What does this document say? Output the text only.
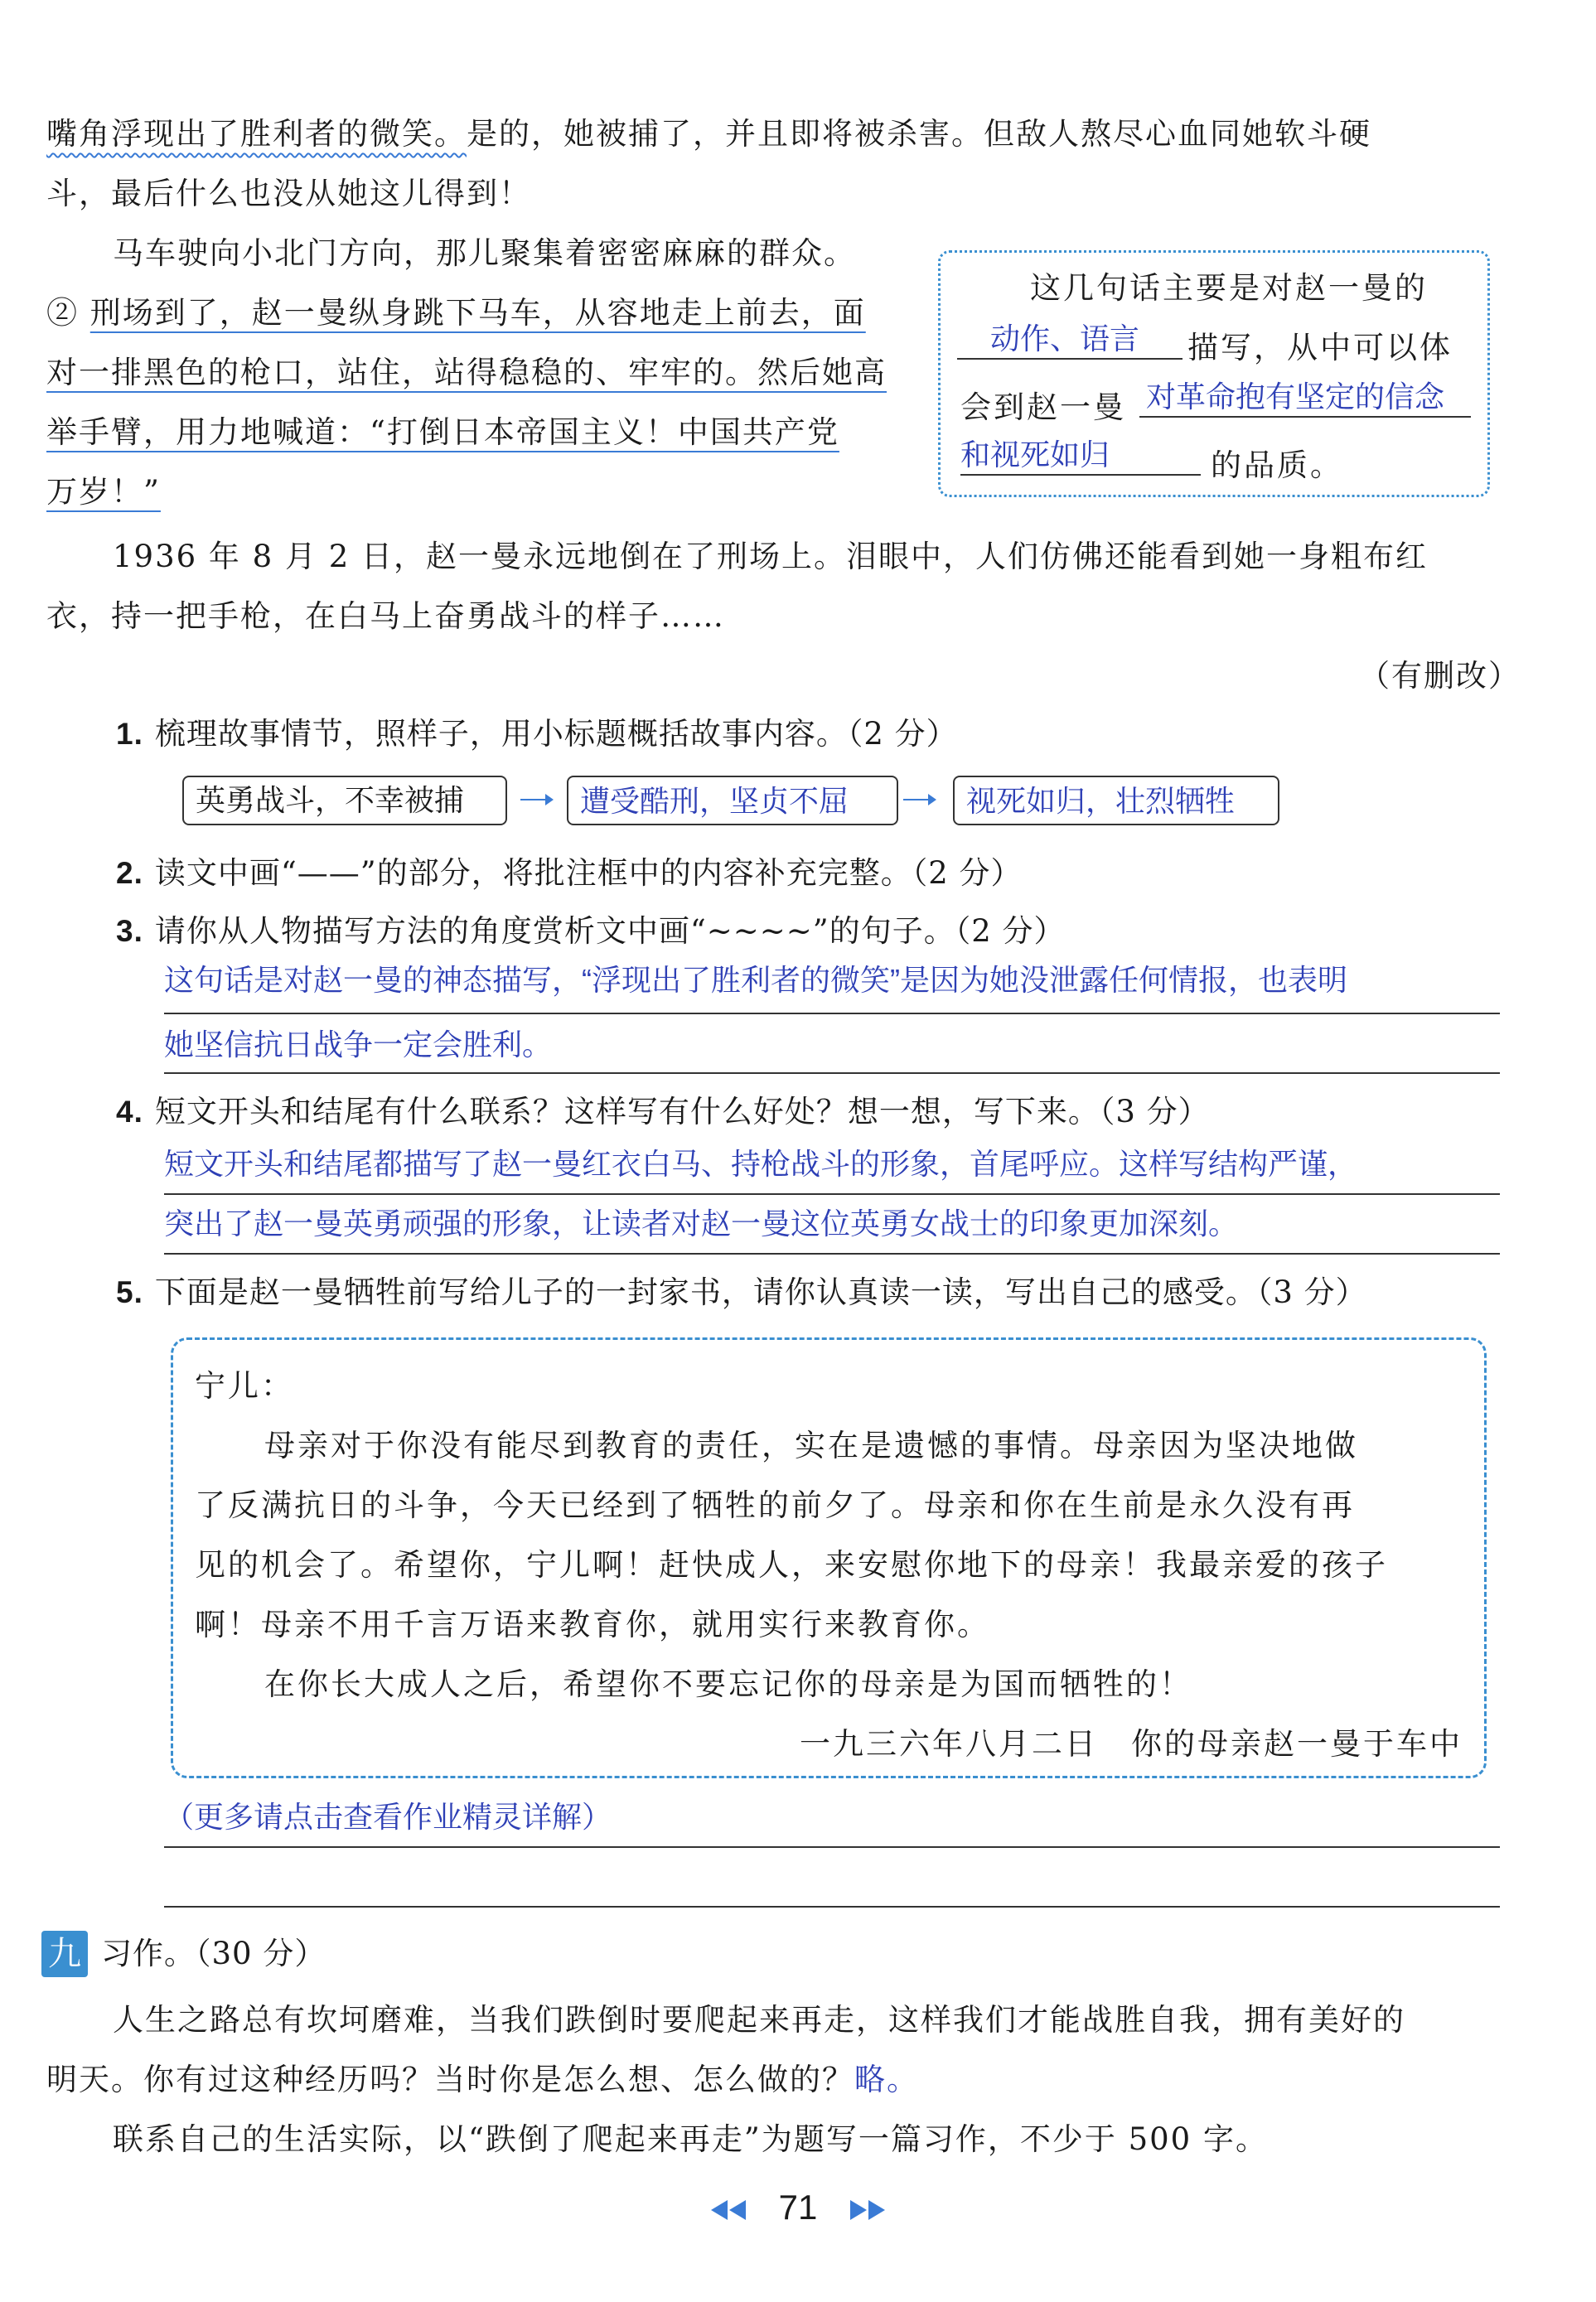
嘴角浮现出了胜利者的微笑。是的，她被捕了，并且即将被杀害。但敌人熬尽心血同她软斗硬
斗，最后什么也没从她这儿得到！
马车驶向小北门方向，那儿聚集着密密麻麻的群众。
② 刑场到了，赵一曼纵身跳下马车，从容地走上前去，面
对一排黑色的枪口，站住，站得稳稳的、牢牢的。然后她高
举手臂，用力地喊道：“打倒日本帝国主义！中国共产党
万岁！”
这几句话主要是对赵一曼的
动作、语言	描写，从中可以体
会到赵一曼 对革命抱有坚定的信念
和视死如归	的品质。
1936 年 8 月 2 日，赵一曼永远地倒在了刑场上。泪眼中，人们仿佛还能看到她一身粗布红
衣，持一把手枪，在白马上奋勇战斗的样子……
（有删改）
1. 梳理故事情节，照样子，用小标题概括故事内容。（2 分）
英勇战斗，不幸被捕	遭受酷刑，坚贞不屈	视死如归，壮烈牺牲
2. 读文中画“——”的部分，将批注框中的内容补充完整。（2 分）
3. 请你从人物描写方法的角度赏析文中画“~~~~”的句子。（2 分）
这句话是对赵一曼的神态描写，“浮现出了胜利者的微笑”是因为她没泄露任何情报，也表明
她坚信抗日战争一定会胜利。
4. 短文开头和结尾有什么联系？这样写有什么好处？想一想，写下来。（3 分）
短文开头和结尾都描写了赵一曼红衣白马、持枪战斗的形象，首尾呼应。这样写结构严谨，
突出了赵一曼英勇顽强的形象，让读者对赵一曼这位英勇女战士的印象更加深刻。
5. 下面是赵一曼牺牲前写给儿子的一封家书，请你认真读一读，写出自己的感受。（3 分）
宁儿：
母亲对于你没有能尽到教育的责任，实在是遗憾的事情。母亲因为坚决地做
了反满抗日的斗争，今天已经到了牺牲的前夕了。母亲和你在生前是永久没有再
见的机会了。希望你，宁儿啊！赶快成人，来安慰你地下的母亲！我最亲爱的孩子
啊！母亲不用千言万语来教育你，就用实行来教育你。
在你长大成人之后，希望你不要忘记你的母亲是为国而牺牲的！
一九三六年八月二日　你的母亲赵一曼于车中
（更多请点击查看作业精灵详解）
九 习作。（30 分）
人生之路总有坎坷磨难，当我们跌倒时要爬起来再走，这样我们才能战胜自我，拥有美好的
明天。你有过这种经历吗？当时你是怎么想、怎么做的？略。
联系自己的生活实际，以“跌倒了爬起来再走”为题写一篇习作，不少于 500 字。
71
